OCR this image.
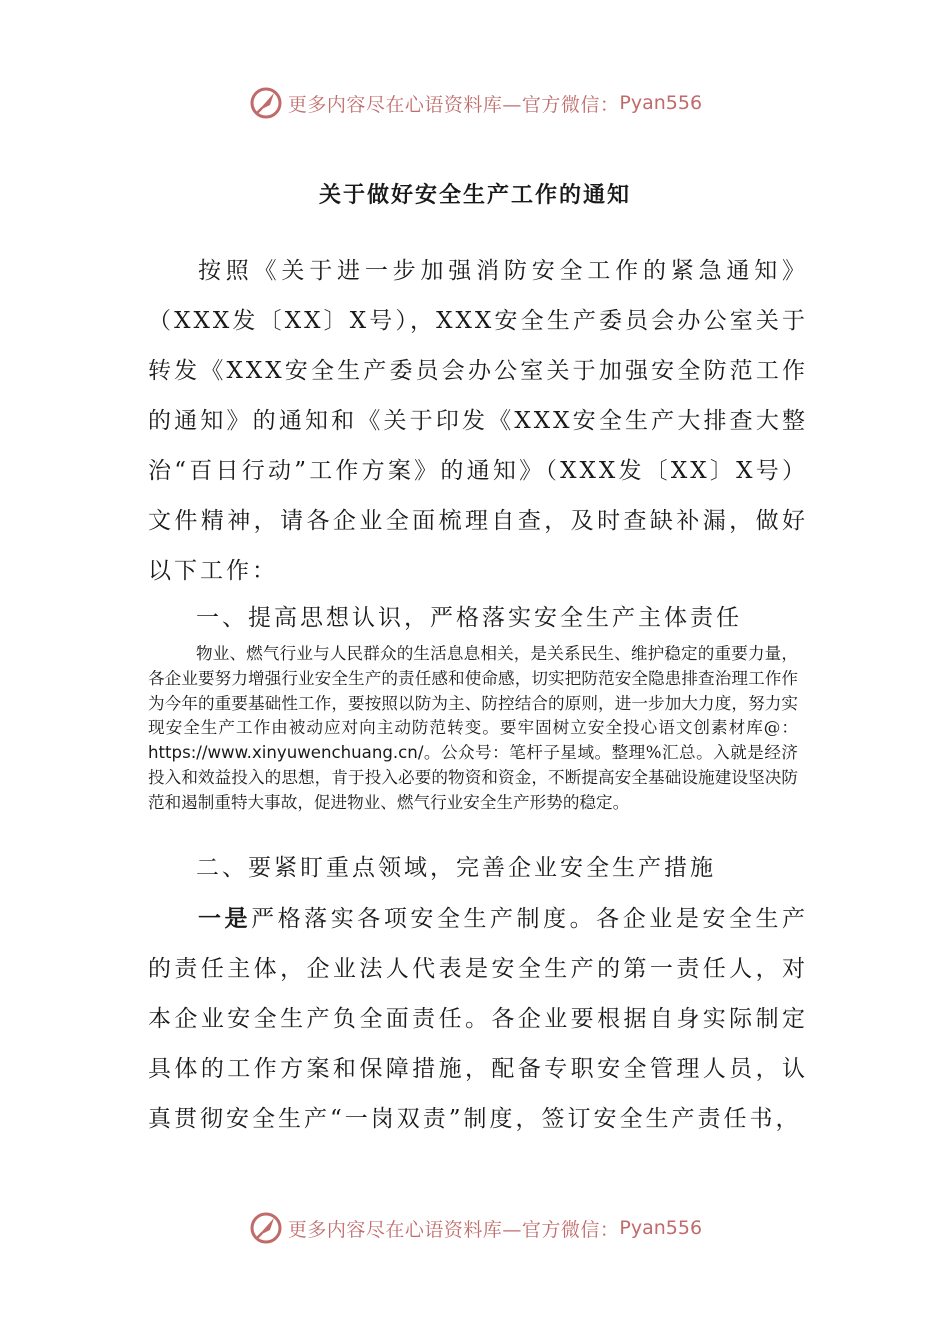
更多内容尽在心语资料库—官方微信： Pyan556
关于做好安全生产工作的通知

按照《关于进一步加强消防安全工作的紧急通知》（XXX发〔XX〕X号），XXX安全生产委员会办公室关于转发《XXX安全生产委员会办公室关于加强安全防范工作的通知》的通知和《关于印发《XXX安全生产大排查大整治“百日行动”工作方案》的通知》（XXX发〔XX〕X号）文件精神，请各企业全面梳理自查，及时查缺补漏，做好以下工作：

一、提高思想认识，严格落实安全生产主体责任

物业、燃气行业与人民群众的生活息息相关，是关系民生、维护稳定的重要力量，各企业要努力增强行业安全生产的责任感和使命感，切实把防范安全隐患排查治理工作作为今年的重要基础性工作，要按照以防为主、防控结合的原则，进一步加大力度，努力实现安全生产工作由被动应对向主动防范转变。要牢固树立安全投心语文创素材库@：https://www.xinyuwenchuang.cn/。公众号：笔杆子星域。整理%汇总。入就是经济投入和效益投入的思想，肯于投入必要的物资和资金，不断提高安全基础设施建设坚决防范和遏制重特大事故，促进物业、燃气行业安全生产形势的稳定。

二、要紧盯重点领域，完善企业安全生产措施

一是严格落实各项安全生产制度。各企业是安全生产的责任主体，企业法人代表是安全生产的第一责任人，对本企业安全生产负全面责任。各企业要根据自身实际制定具体的工作方案和保障措施，配备专职安全管理人员，认真贯彻安全生产“一岗双责”制度，签订安全生产责任书，

更多内容尽在心语资料库—官方微信： Pyan556
